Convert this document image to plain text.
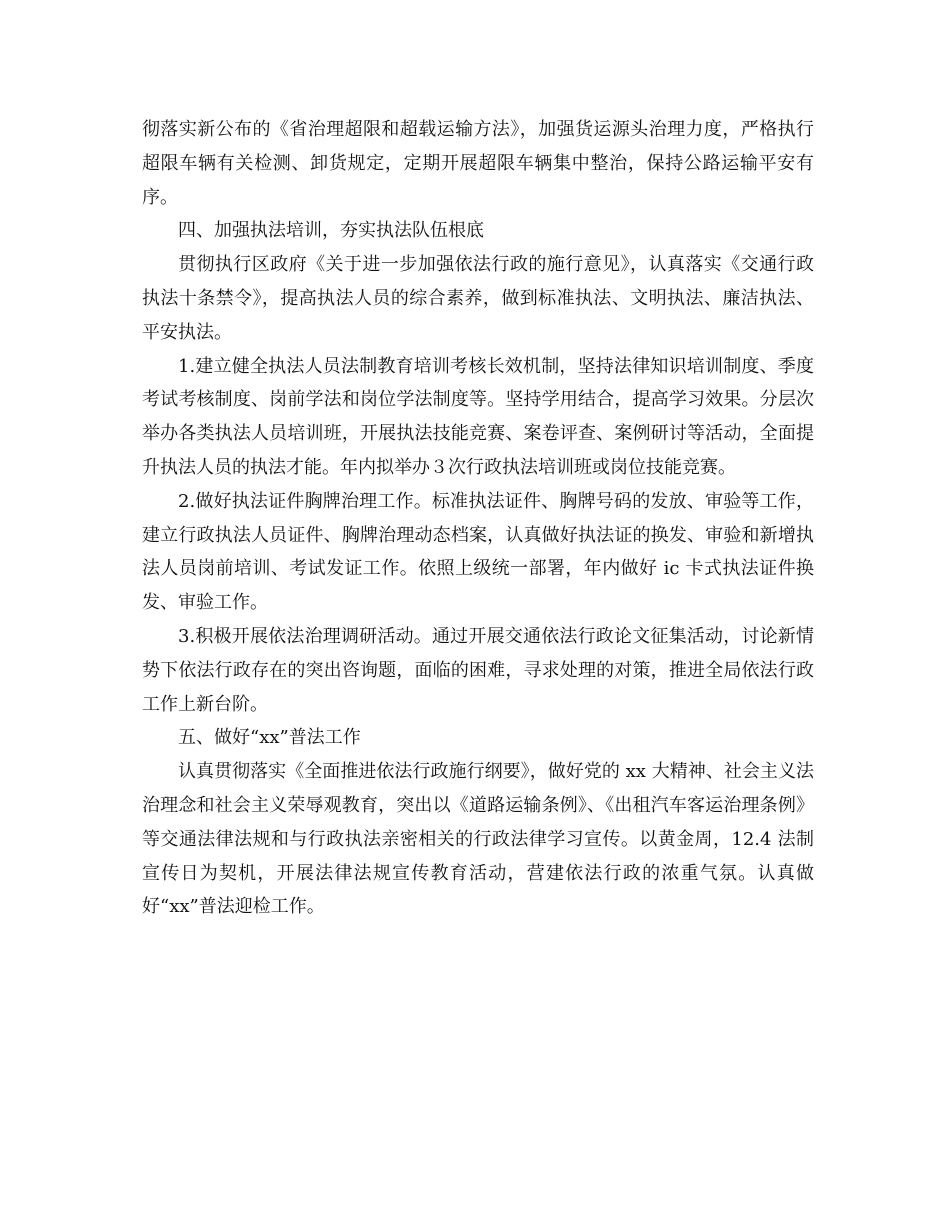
彻落实新公布的《省治理超限和超载运输方法》，加强货运源头治理力度，严格执行超限车辆有关检测、卸货规定，定期开展超限车辆集中整治，保持公路运输平安有序。

四、加强执法培训，夯实执法队伍根底

贯彻执行区政府《关于进一步加强依法行政的施行意见》，认真落实《交通行政执法十条禁令》，提高执法人员的综合素养，做到标准执法、文明执法、廉洁执法、平安执法。

1.建立健全执法人员法制教育培训考核长效机制，坚持法律知识培训制度、季度考试考核制度、岗前学法和岗位学法制度等。坚持学用结合，提高学习效果。分层次举办各类执法人员培训班，开展执法技能竞赛、案卷评查、案例研讨等活动，全面提升执法人员的执法才能。年内拟举办３次行政执法培训班或岗位技能竞赛。

2.做好执法证件胸牌治理工作。标准执法证件、胸牌号码的发放、审验等工作，建立行政执法人员证件、胸牌治理动态档案，认真做好执法证的换发、审验和新增执法人员岗前培训、考试发证工作。依照上级统一部署，年内做好 ic 卡式执法证件换发、审验工作。

3.积极开展依法治理调研活动。通过开展交通依法行政论文征集活动，讨论新情势下依法行政存在的突出咨询题，面临的困难，寻求处理的对策，推进全局依法行政工作上新台阶。

五、做好“xx”普法工作

认真贯彻落实《全面推进依法行政施行纲要》，做好党的 xx 大精神、社会主义法治理念和社会主义荣辱观教育，突出以《道路运输条例》、《出租汽车客运治理条例》等交通法律法规和与行政执法亲密相关的行政法律学习宣传。以黄金周，12.4 法制宣传日为契机，开展法律法规宣传教育活动，营建依法行政的浓重气氛。认真做好“xx”普法迎检工作。
